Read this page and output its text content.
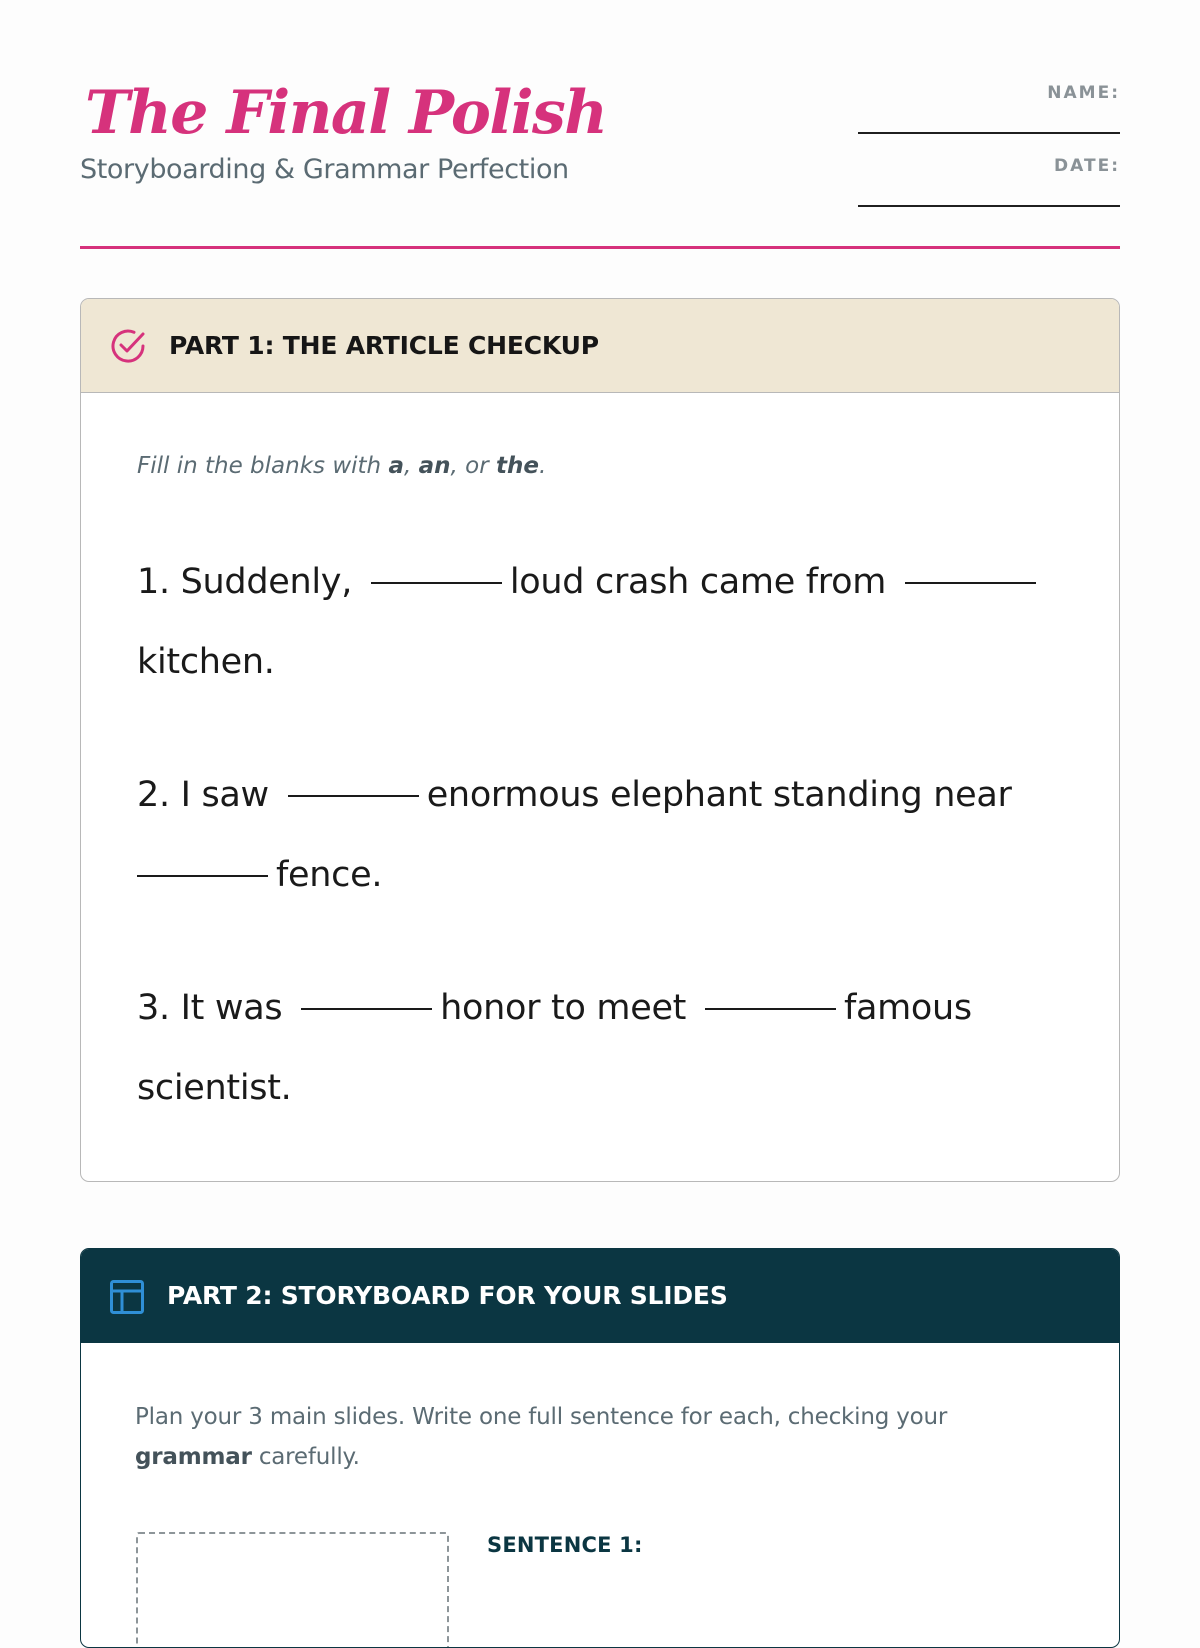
The Final Polish

Storyboarding & Grammar Perfection

NAME:
DATE:
PART 1: THE ARTICLE CHECKUP
Fill in the blanks with a, an, or the.
1. Suddenly,	loud crash came from
kitchen.
2. I saw	enormous elephant standing near
fence.
3. It was	honor to meet	famous scientist.
PART 2: STORYBOARD FOR YOUR SLIDES
Plan your 3 main slides. Write one full sentence for each, checking your grammar carefully.
SENTENCE 1:
